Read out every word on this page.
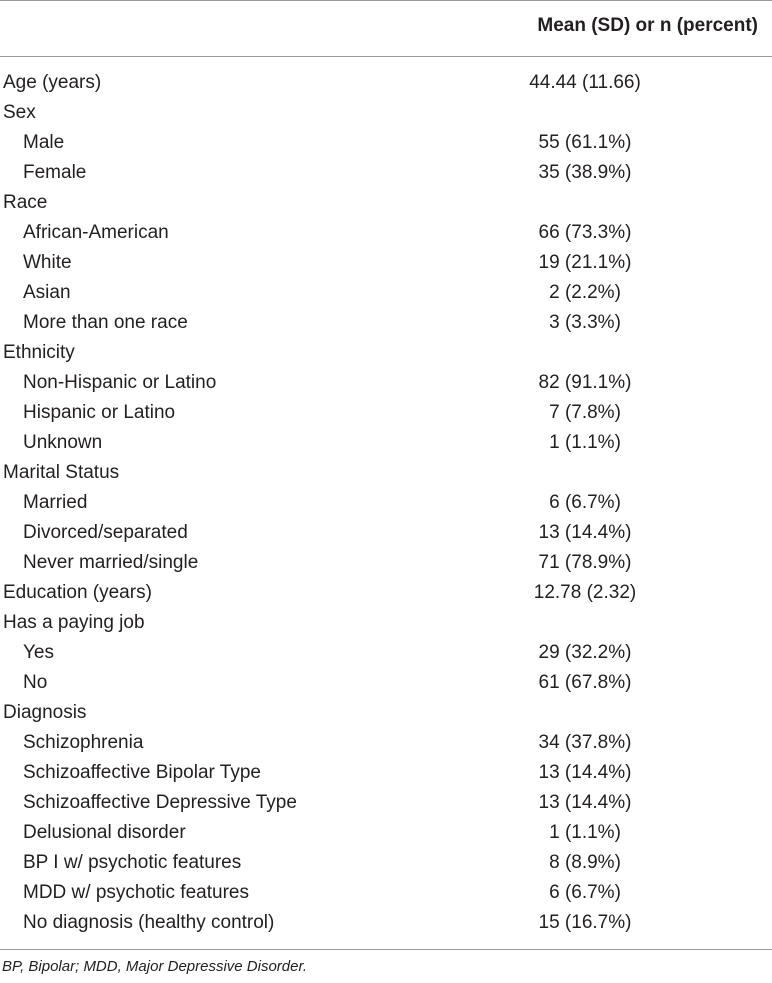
Mean (SD) or n (percent)
Age (years)	44.44 (11.66)
Sex
Male	55 (61.1%)
Female	35 (38.9%)
Race
African-American	66 (73.3%)
White	19 (21.1%)
Asian	2 (2.2%)
More than one race	3 (3.3%)
Ethnicity
Non-Hispanic or Latino	82 (91.1%)
Hispanic or Latino	7 (7.8%)
Unknown	1 (1.1%)
Marital Status
Married	6 (6.7%)
Divorced/separated	13 (14.4%)
Never married/single	71 (78.9%)
Education (years)	12.78 (2.32)
Has a paying job
Yes	29 (32.2%)
No	61 (67.8%)
Diagnosis
Schizophrenia	34 (37.8%)
Schizoaffective Bipolar Type	13 (14.4%)
Schizoaffective Depressive Type	13 (14.4%)
Delusional disorder	1 (1.1%)
BP I w/ psychotic features	8 (8.9%)
MDD w/ psychotic features	6 (6.7%)
No diagnosis (healthy control)	15 (16.7%)
BP, Bipolar; MDD, Major Depressive Disorder.
